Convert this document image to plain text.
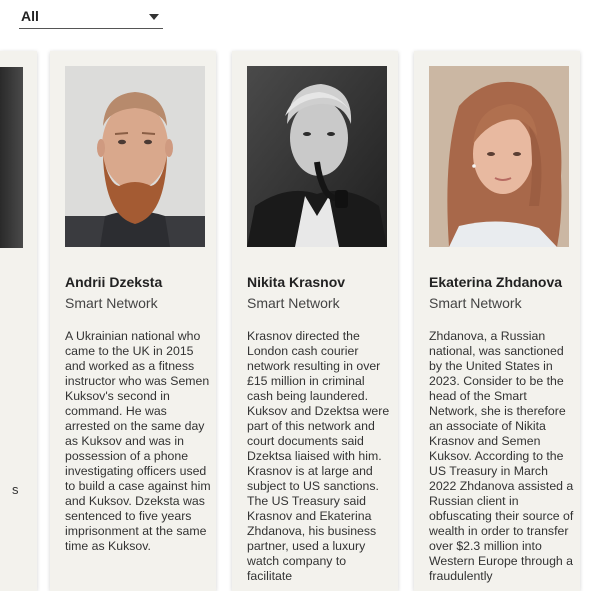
All
s
Andrii Dzeksta
Smart Network
A Ukrainian national who came to the UK in 2015 and worked as a fitness instructor who was Semen Kuksov's second in command. He was arrested on the same day as Kuksov and was in possession of a phone investigating officers used to build a case against him and Kuksov. Dzeksta was sentenced to five years imprisonment at the same time as Kuksov.
Nikita Krasnov
Smart Network
Krasnov directed the London cash courier network resulting in over £15 million in criminal cash being laundered. Kuksov and Dzektsa were part of this network and court documents said Dzektsa liaised with him. Krasnov is at large and subject to US sanctions. The US Treasury said Krasnov and Ekaterina Zhdanova, his business partner, used a luxury watch company to facilitate
Ekaterina Zhdanova
Smart Network
Zhdanova, a Russian national, was sanctioned by the United States in 2023. Consider to be the head of the Smart Network, she is therefore an associate of Nikita Krasnov and Semen Kuksov. According to the US Treasury in March 2022 Zhdanova assisted a Russian client in obfuscating their source of wealth in order to transfer over $2.3 million into Western Europe through a fraudulently
